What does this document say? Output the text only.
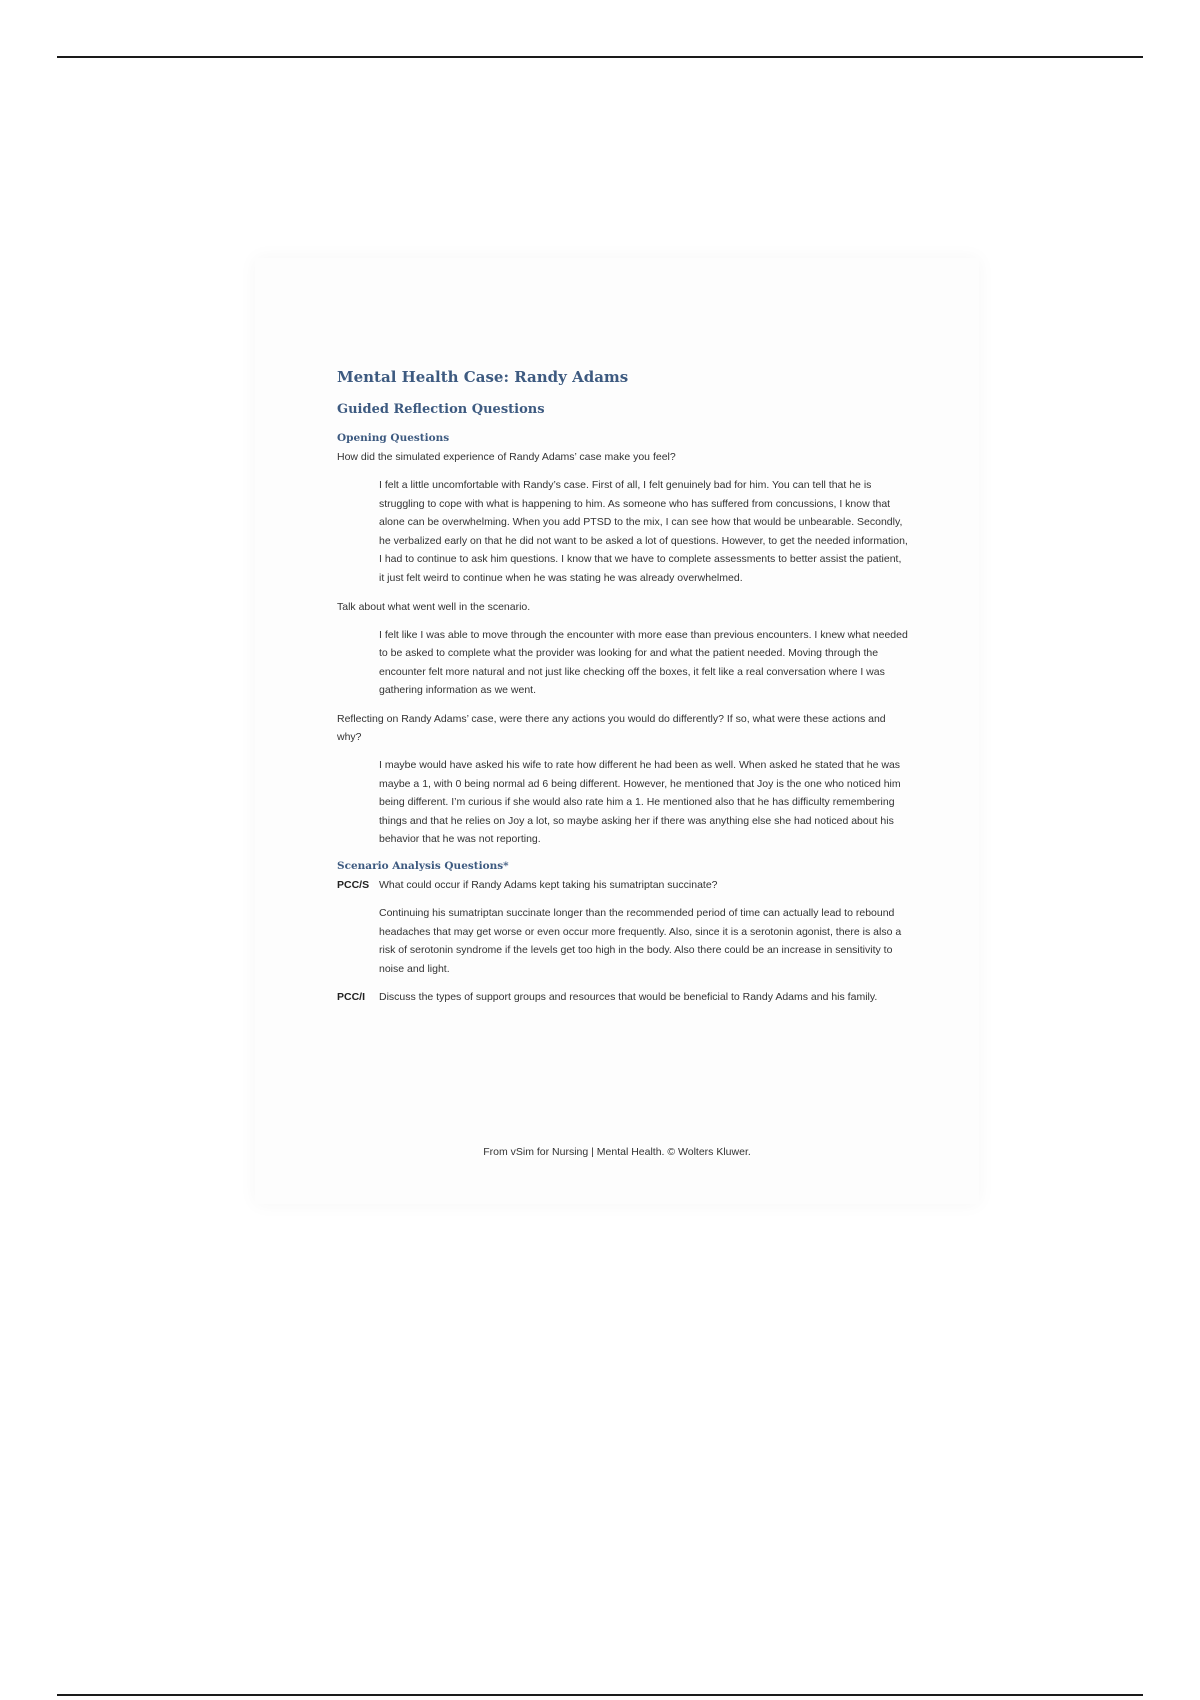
Mental Health Case: Randy Adams
Guided Reflection Questions
Opening Questions

How did the simulated experience of Randy Adams’ case make you feel?

I felt a little uncomfortable with Randy’s case. First of all, I felt genuinely bad for him. You can tell that he is struggling to cope with what is happening to him. As someone who has suffered from concussions, I know that alone can be overwhelming. When you add PTSD to the mix, I can see how that would be unbearable. Secondly, he verbalized early on that he did not want to be asked a lot of questions. However, to get the needed information, I had to continue to ask him questions. I know that we have to complete assessments to better assist the patient, it just felt weird to continue when he was stating he was already overwhelmed.

Talk about what went well in the scenario.

I felt like I was able to move through the encounter with more ease than previous encounters. I knew what needed to be asked to complete what the provider was looking for and what the patient needed. Moving through the encounter felt more natural and not just like checking off the boxes, it felt like a real conversation where I was gathering information as we went.

Reflecting on Randy Adams’ case, were there any actions you would do differently? If so, what were these actions and why?

I maybe would have asked his wife to rate how different he had been as well. When asked he stated that he was maybe a 1, with 0 being normal ad 6 being different. However, he mentioned that Joy is the one who noticed him being different. I’m curious if she would also rate him a 1. He mentioned also that he has difficulty remembering things and that he relies on Joy a lot, so maybe asking her if there was anything else she had noticed about his behavior that he was not reporting.

Scenario Analysis Questions*
PCC/S What could occur if Randy Adams kept taking his sumatriptan succinate?

Continuing his sumatriptan succinate longer than the recommended period of time can actually lead to rebound headaches that may get worse or even occur more frequently. Also, since it is a serotonin agonist, there is also a risk of serotonin syndrome if the levels get too high in the body. Also there could be an increase in sensitivity to noise and light.

PCC/I	Discuss the types of support groups and resources that would be beneficial to Randy Adams and his family.
From vSim for Nursing | Mental Health. © Wolters Kluwer.
